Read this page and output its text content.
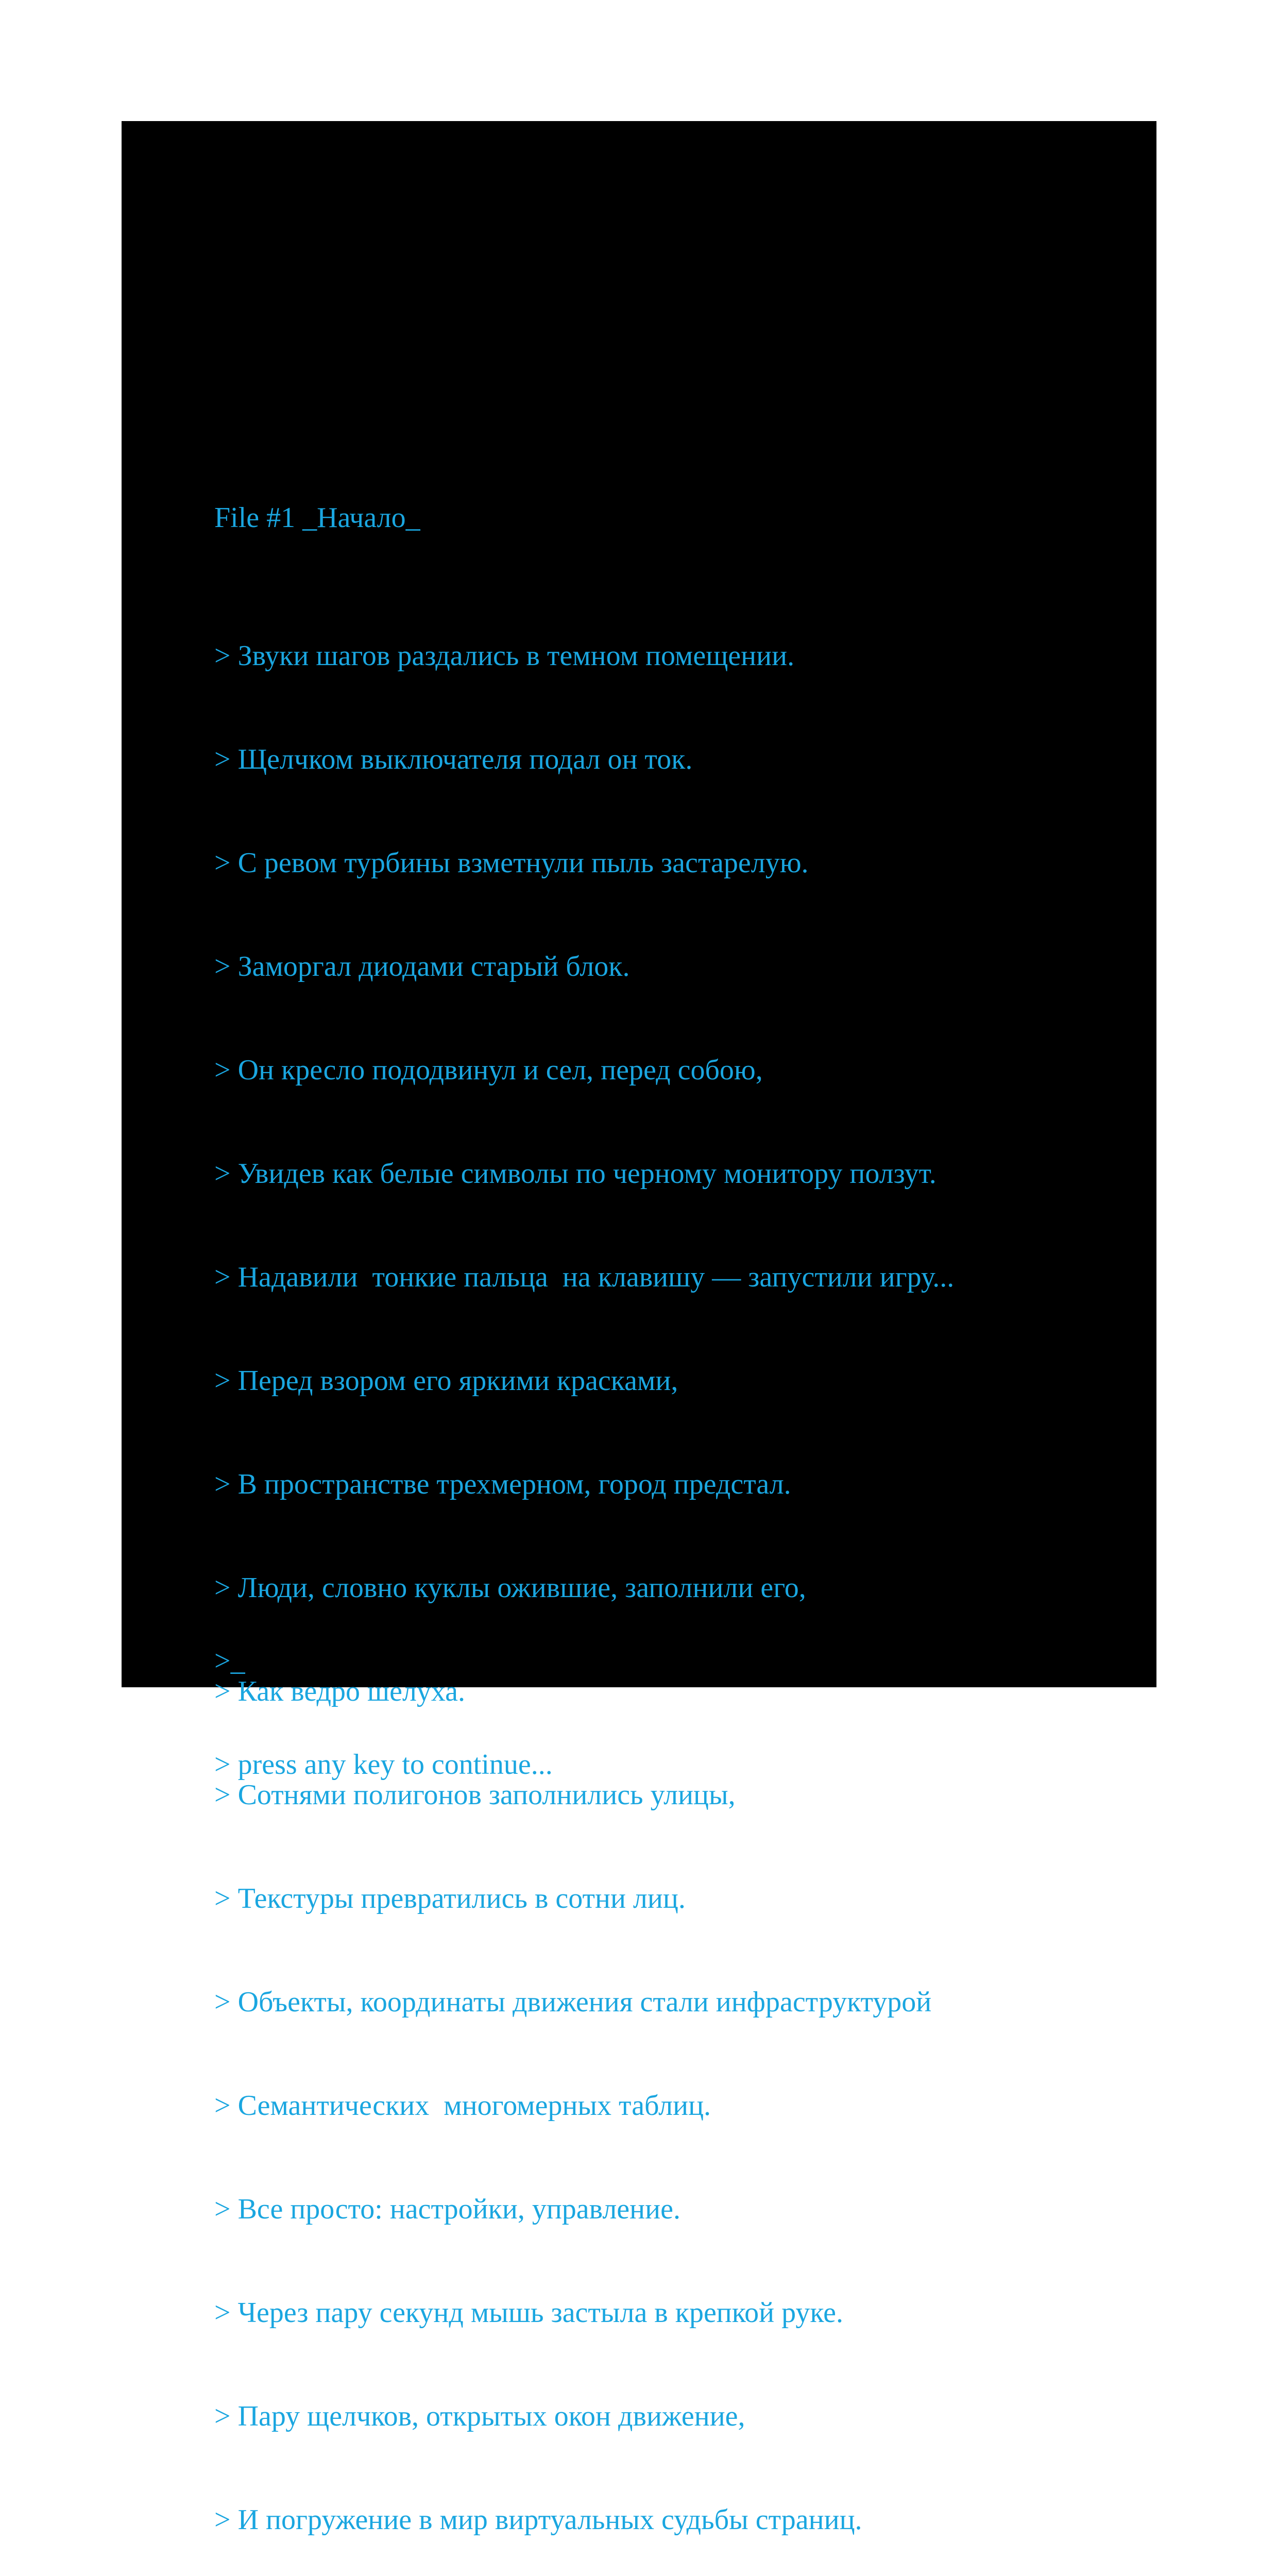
File #1 _Начало_

> Звуки шагов раздались в темном помещении.

> Щелчком выключателя подал он ток.

> С ревом турбины взметнули пыль застарелую.

> Заморгал диодами старый блок.

> Он кресло пододвинул и сел, перед собою,

> Увидев как белые символы по черному монитору ползут.

> Надавили  тонкие пальца  на клавишу — запустили игру...

> Перед взором его яркими красками,

> В пространстве трехмерном, город предстал.

> Люди, словно куклы ожившие, заполнили его,

> Как ведро шелуха.

> Сотнями полигонов заполнились улицы,

> Текстуры превратились в сотни лиц.

> Объекты, координаты движения стали инфраструктурой

> Семантических  многомерных таблиц.

> Все просто: настройки, управление.

> Через пару секунд мышь застыла в крепкой руке.

> Пару щелчков, открытых окон движение,

> И погружение в мир виртуальных судьбы страниц.

>_

> press any key to continue...
